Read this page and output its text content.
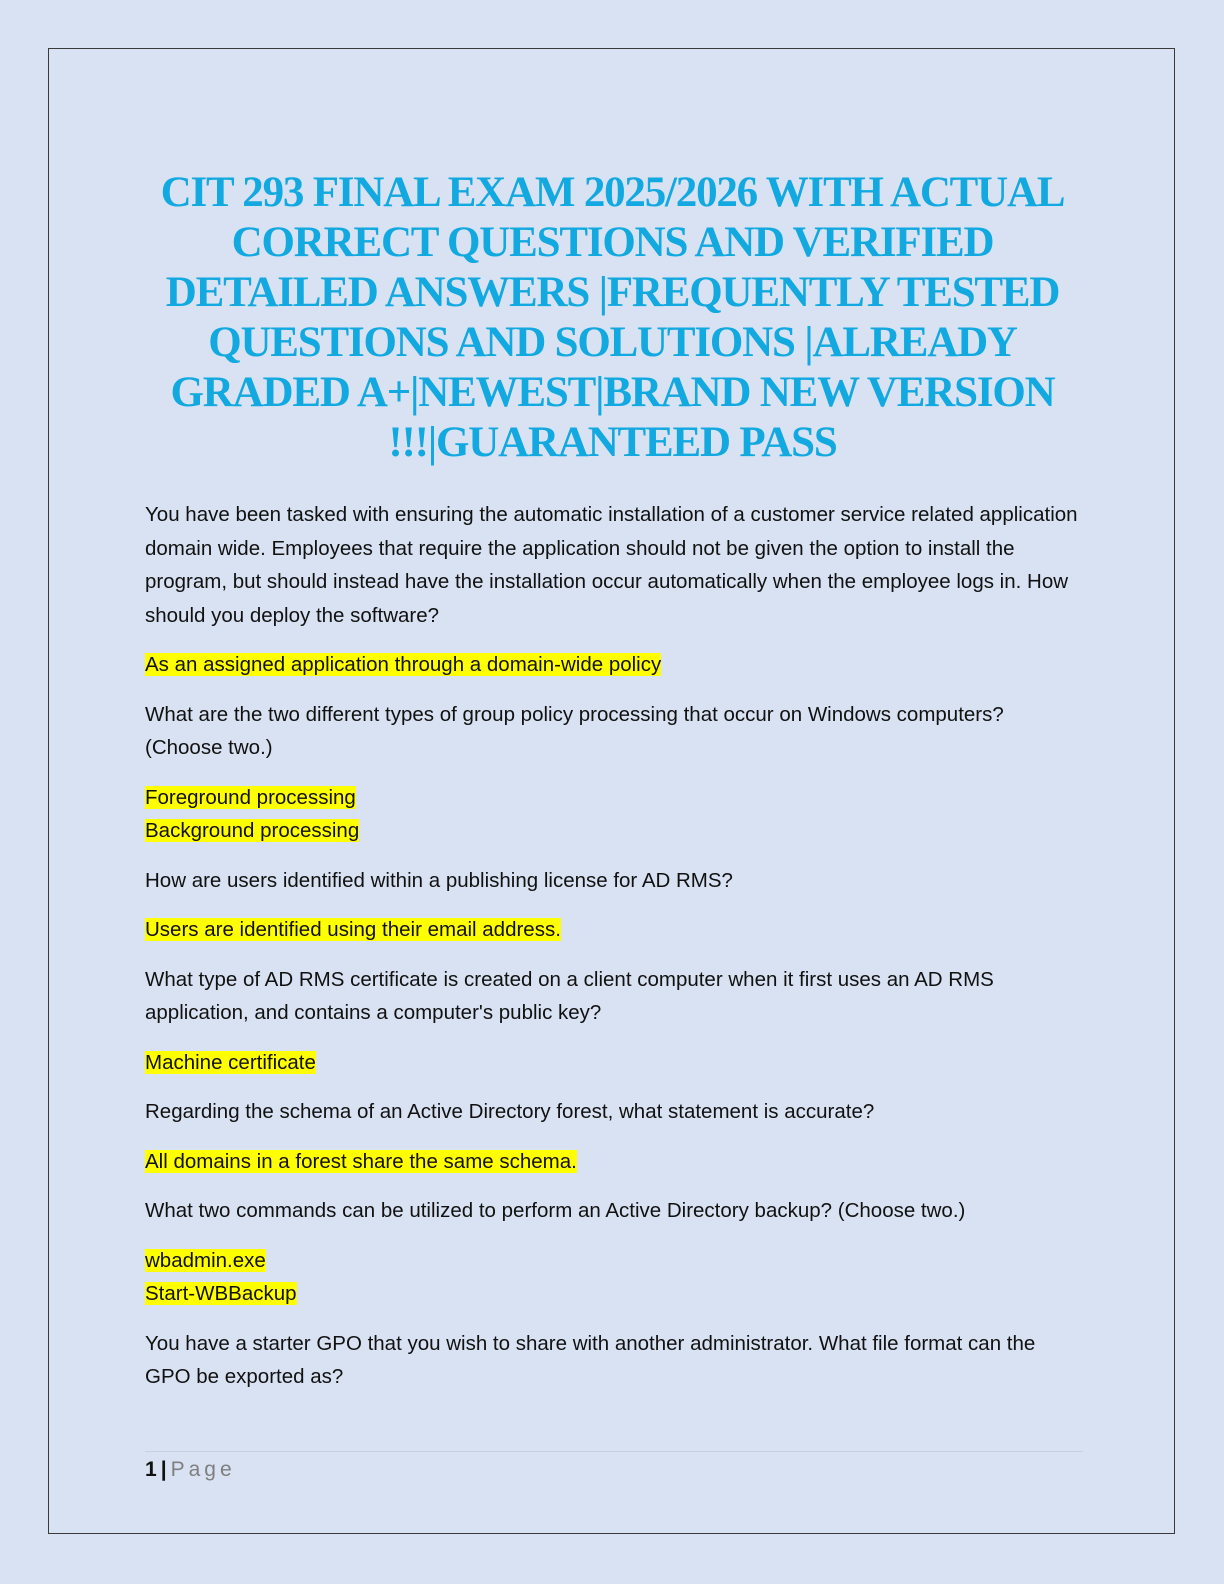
CIT 293 FINAL EXAM 2025/2026 WITH ACTUAL CORRECT QUESTIONS AND VERIFIED DETAILED ANSWERS |FREQUENTLY TESTED QUESTIONS AND SOLUTIONS |ALREADY GRADED A+|NEWEST|BRAND NEW VERSION !!!|GUARANTEED PASS

You have been tasked with ensuring the automatic installation of a customer service related application domain wide. Employees that require the application should not be given the option to install the program, but should instead have the installation occur automatically when the employee logs in. How should you deploy the software?

As an assigned application through a domain-wide policy

What are the two different types of group policy processing that occur on Windows computers? (Choose two.)

Foreground processing
Background processing

How are users identified within a publishing license for AD RMS?

Users are identified using their email address.

What type of AD RMS certificate is created on a client computer when it first uses an AD RMS application, and contains a computer's public key?

Machine certificate

Regarding the schema of an Active Directory forest, what statement is accurate?

All domains in a forest share the same schema.

What two commands can be utilized to perform an Active Directory backup? (Choose two.)

wbadmin.exe
Start-WBBackup

You have a starter GPO that you wish to share with another administrator. What file format can the GPO be exported as?

1 | Page
